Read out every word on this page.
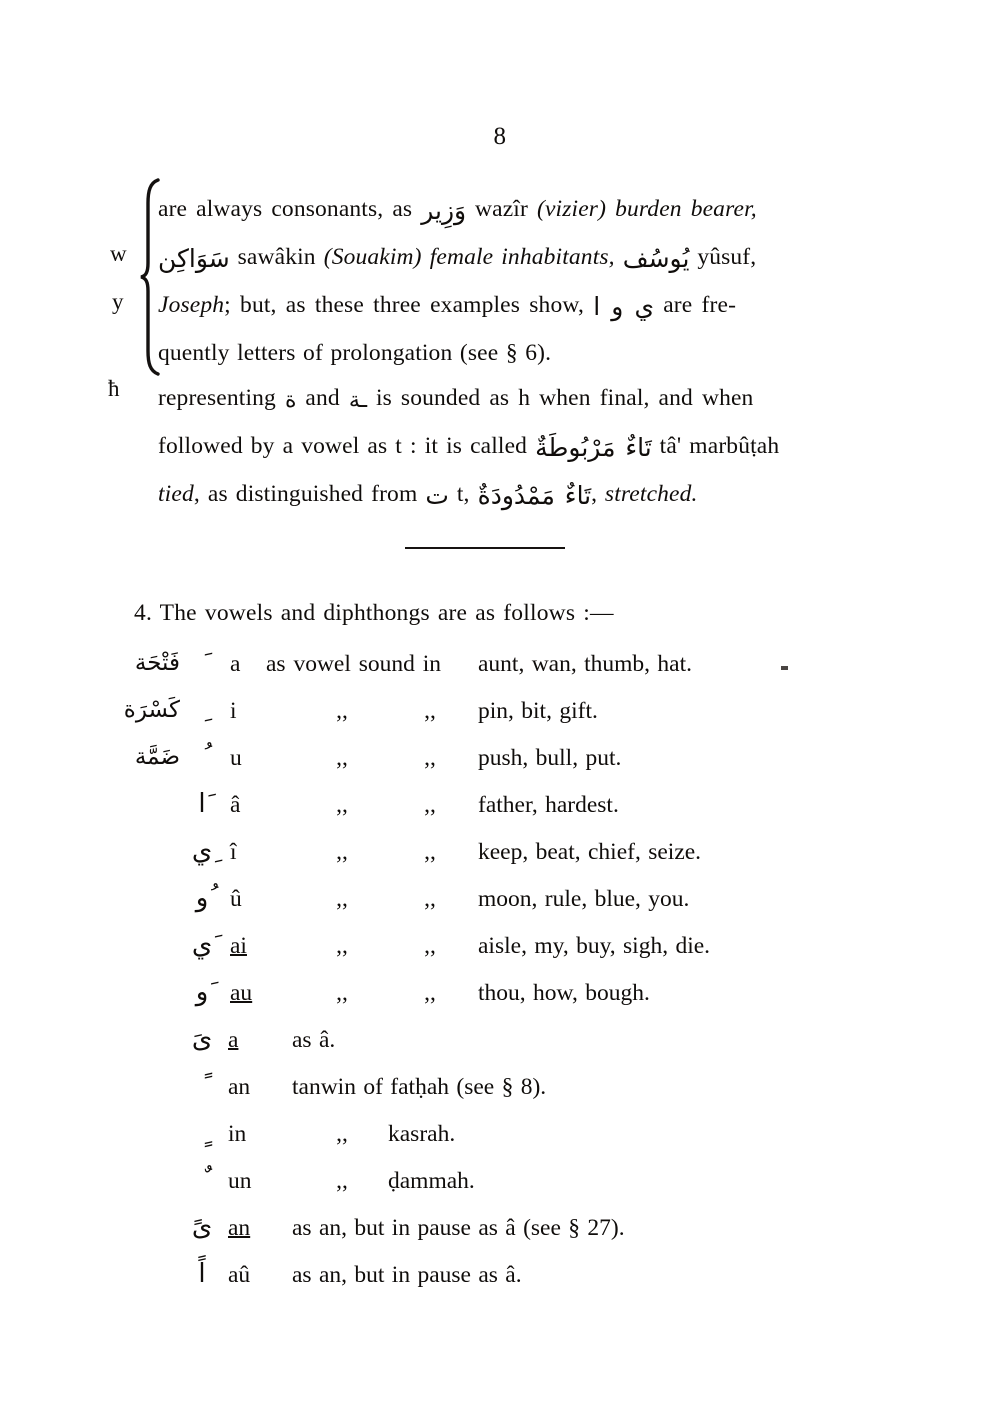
8
w
y
are always consonants, as وَزِير wazîr (vizier) burden bearer,
سَوَاكِن sawâkin (Souakim) female inhabitants, يُوسُف yûsuf,
Joseph; but, as these three examples show, ي و ا are fre-
quently letters of prolongation (see § 6).
ħ representing ة and ـة is sounded as h when final, and when
followed by a vowel as t : it is called تَاءٌ مَرْبُوطَةٌ tâ' marbûṭah
tied, as distinguished from ت t, تَاءٌ مَمْدُودَةٌ, stretched.
4. The vowels and diphthongs are as follows :—
فَتْحَة a	as vowel sound in aunt, wan, thumb, hat.
كَسْرَة i	,,	,,	pin, bit, gift.
ضَمَّة u	,,	,,	push, bull, put.
َا	â	,,	,,	father, hardest.
ِي î	,,	,,	keep, beat, chief, seize.
ُو û	,,	,,	moon, rule, blue, you.
َي ai	,,	,,	aisle, my, buy, sigh, die.
َو au	,,	,,	thou, how, bough.
ىَ a	as â.
an	tanwin of fatḥah (see § 8).
in	,,	kasrah.
un	,,	ḍammah.
ىً an	as an, but in pause as â (see § 27).
اً aû	as an, but in pause as â.
